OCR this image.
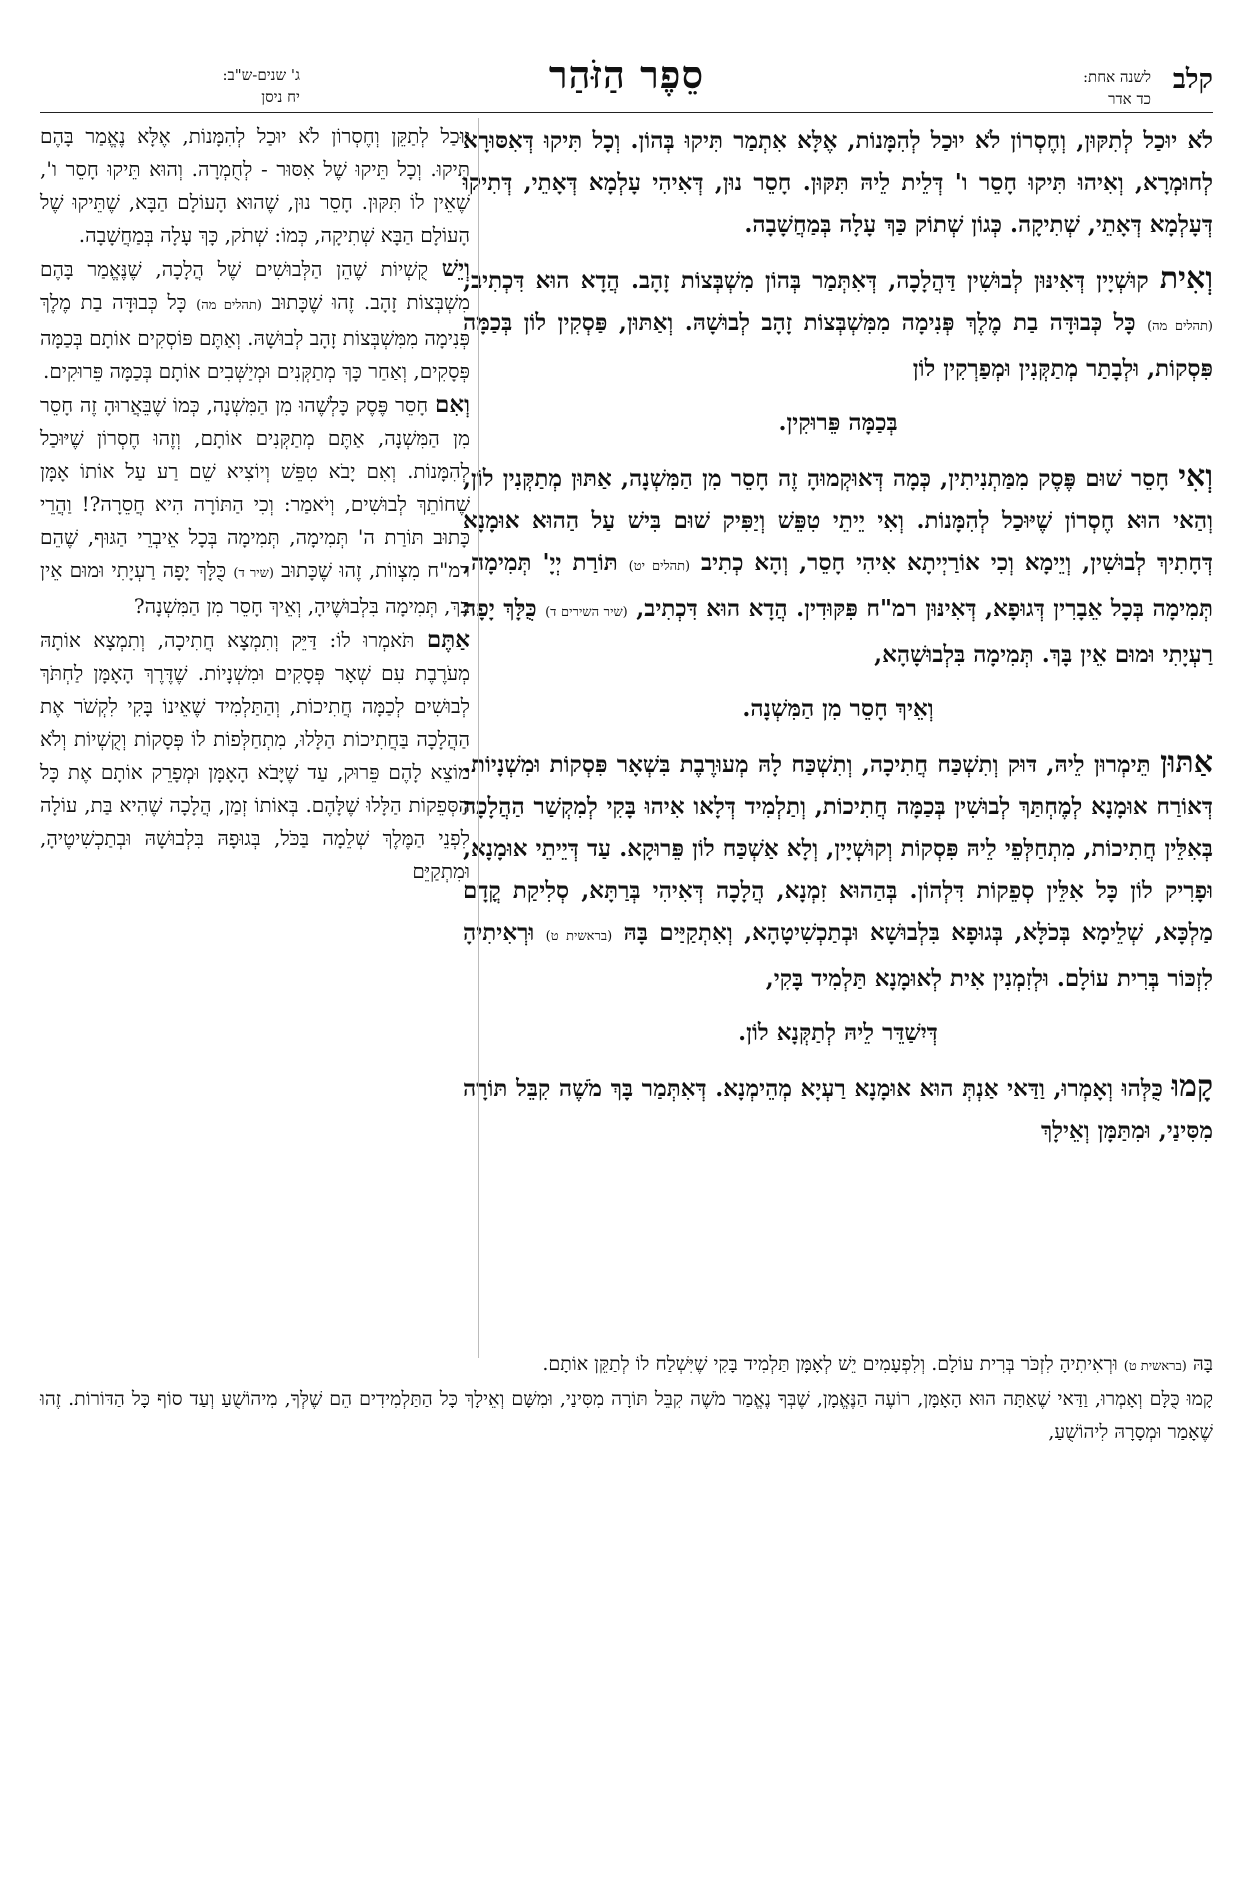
קלב
לשנה אחת:
כד אדר
סֵפֶר הַזֹּהַר
ג' שנים-ש"ב:
יח ניסן

לֹא יוּכַל לְתִקּוּן, וְחֶסְרוֹן לֹא יוּכַל לְהִמָּנוֹת, אֶלָּא אִתְמַר תִּיקוּ בְּהוֹן. וְכָל תִּיקוּ דְּאִסּוּרָא לְחוּמְרָא, וְאִיהוּ תִּיקוּ חָסֵר ו' דְּלֵית לֵיהּ תִּקּוּן. חָסֵר נוּן, דְּאִיהִי עָלְמָא דְּאָתֵי, דְּתִיקוּ דְּעָלְמָא דְּאָתֵי, שְׁתִיקָה. כְּגוֹן שְׁתוֹק כַּךְ עָלָה בְּמַחֲשָׁבָה.

וְאִית קוּשְׁיָין דְּאִינּוּן לְבוּשִׁין דַּהֲלָכָה, דְּאִתְּמַר בְּהוֹן מִשְׁבְּצוֹת זָהָב. הֲדָא הוּא דִּכְתִיב, (תהלים מה) כָּל כְּבוּדָּה בַת מֶלֶךְ פְּנִימָה מִמִּשְׁבְּצוֹת זָהָב לְבוּשָׁהּ. וְאַתּוּן, פַּסְקִין לוֹן בְּכַמָּה פִּסְקוֹת, וּלְבָתַר מְתַקְּנִין וּמְפַרְקִין לוֹן

בְּכַמָּה פֵּרוּקִין.

וְאִי חָסֵר שׁוּם פֶּסֶק מִמַּתְנִיתִין, כְּמָה דְּאוּקְמוּהָ זֶה חָסֵר מִן הַמִּשְׁנָה, אַתּוּן מְתַקְּנִין לוֹן, וְהַאי הוּא חֶסְרוֹן שֶׁיּוּכַל לְהִמָּנוֹת. וְאִי יֵיתֵי טִפֵּשׁ וְיַפִּיק שׁוּם בִּישׁ עַל הַהוּא אוּמָנָא דְּחָתִיךְ לְבוּשִׁין, וְיֵימָא וְכִי אוֹרַיְיתָא אִיהִי חָסֵר, וְהָא כְתִיב (תהלים יט) תּוֹרַת יְיָ' תְּמִימָה, תְּמִימָה בְּכָל אֵבָרִין דְּגוּפָא, דְּאִינּוּן רמ"ח פִּקּוּדִין. הֲדָא הוּא דִּכְתִיב, (שיר השירים ד) כֻּלָּךְ יָפָה רַעְיָתִי וּמוּם אֵין בָּךְ. תְּמִימָה בִּלְבוּשָׁהָא,

וְאֵיךְ חָסֵר מִן הַמִּשְׁנָה.

אַתּוּן תֵּימְרוּן לֵיהּ, דּוּק וְתִשְׁכַּח חֲתִיכָה, וְתִשְׁכַּח לָהּ מְעוּרֶבֶת בִּשְׁאָר פִּסְקוֹת וּמִשְׁנָיוֹת. דְּאוֹרַח אוּמָנָא לְמֶחְתַּךְ לְבוּשִׁין בְּכַמָּה חֲתִיכוֹת, וְתַלְמִיד דְּלָאו אִיהוּ בָּקִי לְמִקְשַׁר הַהֲלָכָה בְּאִלֵּין חֲתִיכוֹת, מִתְחַלְּפֵי לֵיהּ פִּסְקוֹת וְקוּשְׁיָין, וְלָא אַשְׁכַּח לוֹן פֵּרוּקָא. עַד דְּיֵיתֵי אוּמָנָא, וּפָרִיק לוֹן כָּל אִלֵּין סְפֵקוֹת דִּלְהוֹן. בְּהַהוּא זִמְנָא, הֲלָכָה דְּאִיהִי בְּרַתָּא, סְלִיקַת קֳדָם מַלְכָּא, שְׁלֵימָא בְּכֹלָּא, בְּגוּפָא בִּלְבוּשָׁא וּבְתַכְשִׁיטָהָא, וְאִתְקַיַּים בָּהּ (בראשית ט) וּרְאִיתִיהָ לִזְכּוֹר בְּרִית עוֹלָם. וּלְזִמְנִין אִית לְאוּמָנָא תַּלְמִיד בָּקִי,

דְּיִשַׁדֵּר לֵיהּ לְתַקְּנָא לוֹן.

קָמוּ כֻּלְּהוּ וְאָמְרוּ, וַדַּאי אַנְתְּ הוּא אוּמָנָא רַעְיָא מְהֵימְנָא. דְּאִתְּמַר בָּךְ מֹשֶׁה קִבֵּל תּוֹרָה מִסִּינַי, וּמִתַּמָּן וְאֵילָךְ

יוּכַל לְתַקֵּן וְחֶסְרוֹן לֹא יוּכַל לְהִמָּנוֹת, אֶלָּא נֶאֱמַר בָּהֶם תֵּיקוּ. וְכָל תֵּיקוּ שֶׁל אִסּוּר - לְחֻמְרָה. וְהוּא תֵּיקוּ חָסֵר ו', שֶׁאֵין לוֹ תִּקּוּן. חָסֵר נוּן, שֶׁהוּא הָעוֹלָם הַבָּא, שֶׁתֵּיקוּ שֶׁל הָעוֹלָם הַבָּא שְׁתִיקָה, כְּמוֹ: שְׁתֹק, כָּךְ עָלָה בְּמַחֲשָׁבָה.

וְיֵשׁ קֻשְׁיוֹת שֶׁהֵן הַלְּבוּשִׁים שֶׁל הֲלָכָה, שֶׁנֶּאֱמַר בָּהֶם מִשְׁבְּצוֹת זָהָב. זֶהוּ שֶׁכָּתוּב (תהלים מה) כָּל כְּבוּדָּה בַת מֶלֶךְ פְּנִימָה מִמִּשְׁבְּצוֹת זָהָב לְבוּשָׁהּ. וְאַתֶּם פּוֹסְקִים אוֹתָם בְּכַמָּה פְּסָקִים, וְאַחַר כָּךְ מְתַקְּנִים וּמְיַשְּׁבִים אוֹתָם בְּכַמָּה פֵּרוּקִים.

וְאִם חָסֵר פֶּסֶק כָּלְשֶׁהוּ מִן הַמִּשְׁנָה, כְּמוֹ שֶׁבֵּאֲרוּהָ זֶה חָסֵר מִן הַמִּשְׁנָה, אַתֶּם מְתַקְּנִים אוֹתָם, וְזֶהוּ חֶסְרוֹן שֶׁיּוּכַל לְהִמָּנוֹת. וְאִם יָבֹא טִפֵּשׁ וְיוֹצִיא שֵׁם רַע עַל אוֹתוֹ אָמָּן שֶׁחוֹתֵךְ לְבוּשִׁים, וְיֹאמַר: וְכִי הַתּוֹרָה הִיא חֲסֵרָה?! וַהֲרֵי כָּתוּב תּוֹרַת ה' תְּמִימָה, תְּמִימָה בְּכָל אֵיבְרֵי הַגּוּף, שֶׁהֵם רמ"ח מִצְווֹת, זֶהוּ שֶׁכָּתוּב (שיר ד) כֻּלָּךְ יָפָה רַעְיָתִי וּמוּם אֵין בָּךְ, תְּמִימָה בִּלְבוּשֶׁיהָ, וְאֵיךְ חָסֵר מִן הַמִּשְׁנָה?

אַתֶּם תֹּאמְרוּ לוֹ: דַּיֵּק וְתִמְצָא חֲתִיכָה, וְתִמְצָא אוֹתָהּ מְעֹרֶבֶת עִם שְׁאָר פְּסָקִים וּמִשְׁנָיוֹת. שֶׁדֶּרֶךְ הָאָמָּן לַחְתֹּךְ לְבוּשִׁים לְכַמָּה חֲתִיכוֹת, וְהַתַּלְמִיד שֶׁאֵינוֹ בָּקִי לִקְשֹׁר אֶת הַהֲלָכָה בַּחֲתִיכוֹת הַלָּלוּ, מִתְחַלְּפוֹת לוֹ פְּסָקוֹת וְקֻשְׁיוֹת וְלֹא מוֹצֵא לָהֶם פֵּרוּק, עַד שֶׁיָּבֹא הָאָמָּן וּמְפָרֵק אוֹתָם אֶת כָּל הַסְּפֵקוֹת הַלָּלוּ שֶׁלָּהֶם. בְּאוֹתוֹ זְמַן, הֲלָכָה שֶׁהִיא בַּת, עוֹלָה לִפְנֵי הַמֶּלֶךְ שְׁלֵמָה בַּכֹּל, בְּגוּפָהּ בִּלְבוּשָׁהּ וּבְתַכְשִׁיטֶיהָ, וּמִתְקַיֵּם

בָּהּ (בראשית ט) וּרְאִיתִיהָ לִזְכֹּר בְּרִית עוֹלָם. וְלִפְעָמִים יֵשׁ לְאָמָּן תַּלְמִיד בָּקִי שֶׁיִּשְׁלַח לוֹ לְתַקֵּן אוֹתָם.

קָמוּ כֻּלָּם וְאָמְרוּ, וַדַּאי שֶׁאַתָּה הוּא הָאָמָּן, רוֹעֶה הַנֶּאֱמָן, שֶׁבְּךָ נֶאֱמַר מֹשֶׁה קִבֵּל תּוֹרָה מִסִּינַי, וּמִשָּׁם וְאֵילָךְ כָּל הַתַּלְמִידִים הֵם שֶׁלְּךָ, מִיהוֹשֻׁעַ וְעַד סוֹף כָּל הַדּוֹרוֹת. זֶהוּ שֶׁאָמַר וּמְסָרָהּ לִיהוֹשֻׁעַ,
